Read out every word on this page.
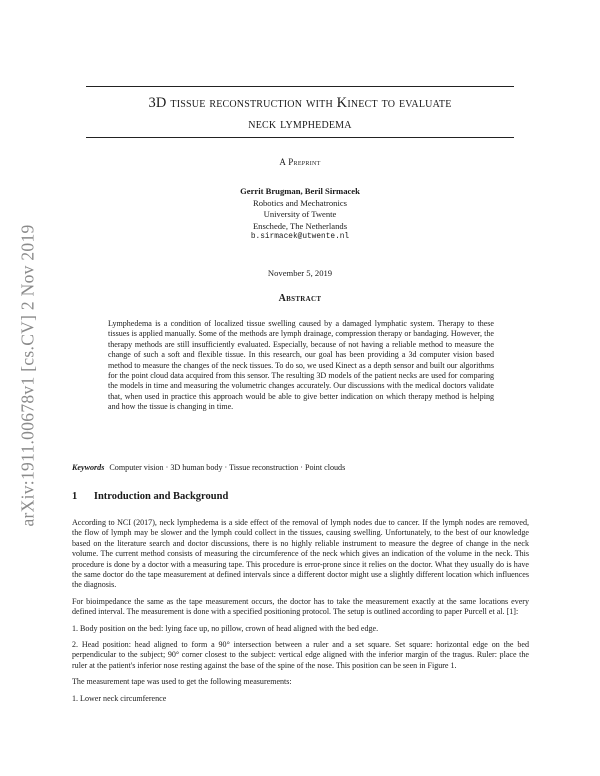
arXiv:1911.00678v1 [cs.CV] 2 Nov 2019
3D tissue reconstruction with Kinect to evaluate
neck lymphedema
A Preprint
Gerrit Brugman, Beril Sirmacek
Robotics and Mechatronics
University of Twente
Enschede, The Netherlands
b.sirmacek@utwente.nl
November 5, 2019
Abstract
Lymphedema is a condition of localized tissue swelling caused by a damaged lymphatic system. Therapy to these tissues is applied manually. Some of the methods are lymph drainage, compression therapy or bandaging. However, the therapy methods are still insufficiently evaluated. Especially, because of not having a reliable method to measure the change of such a soft and flexible tissue. In this research, our goal has been providing a 3d computer vision based method to measure the changes of the neck tissues. To do so, we used Kinect as a depth sensor and built our algorithms for the point cloud data acquired from this sensor. The resulting 3D models of the patient necks are used for comparing the models in time and measuring the volumetric changes accurately. Our discussions with the medical doctors validate that, when used in practice this approach would be able to give better indication on which therapy method is helping and how the tissue is changing in time.
Keywords Computer vision · 3D human body · Tissue reconstruction · Point clouds
1 Introduction and Background

According to NCI (2017), neck lymphedema is a side effect of the removal of lymph nodes due to cancer. If the lymph nodes are removed, the flow of lymph may be slower and the lymph could collect in the tissues, causing swelling. Unfortunately, to the best of our knowledge based on the literature search and doctor discussions, there is no highly reliable instrument to measure the degree of change in the neck volume. The current method consists of measuring the circumference of the neck which gives an indication of the volume in the neck. This procedure is done by a doctor with a measuring tape. This procedure is error-prone since it relies on the doctor. What they usually do is have the same doctor do the tape measurement at defined intervals since a different doctor might use a slightly different location which influences the diagnosis.

For bioimpedance the same as the tape measurement occurs, the doctor has to take the measurement exactly at the same locations every defined interval. The measurement is done with a specified positioning protocol. The setup is outlined according to paper Purcell et al. [1]:

1. Body position on the bed: lying face up, no pillow, crown of head aligned with the bed edge.

2. Head position: head aligned to form a 90° intersection between a ruler and a set square. Set square: horizontal edge on the bed perpendicular to the subject; 90° corner closest to the subject: vertical edge aligned with the inferior margin of the tragus. Ruler: place the ruler at the patient's inferior nose resting against the base of the spine of the nose. This position can be seen in Figure 1.

The measurement tape was used to get the following measurements:

1. Lower neck circumference
